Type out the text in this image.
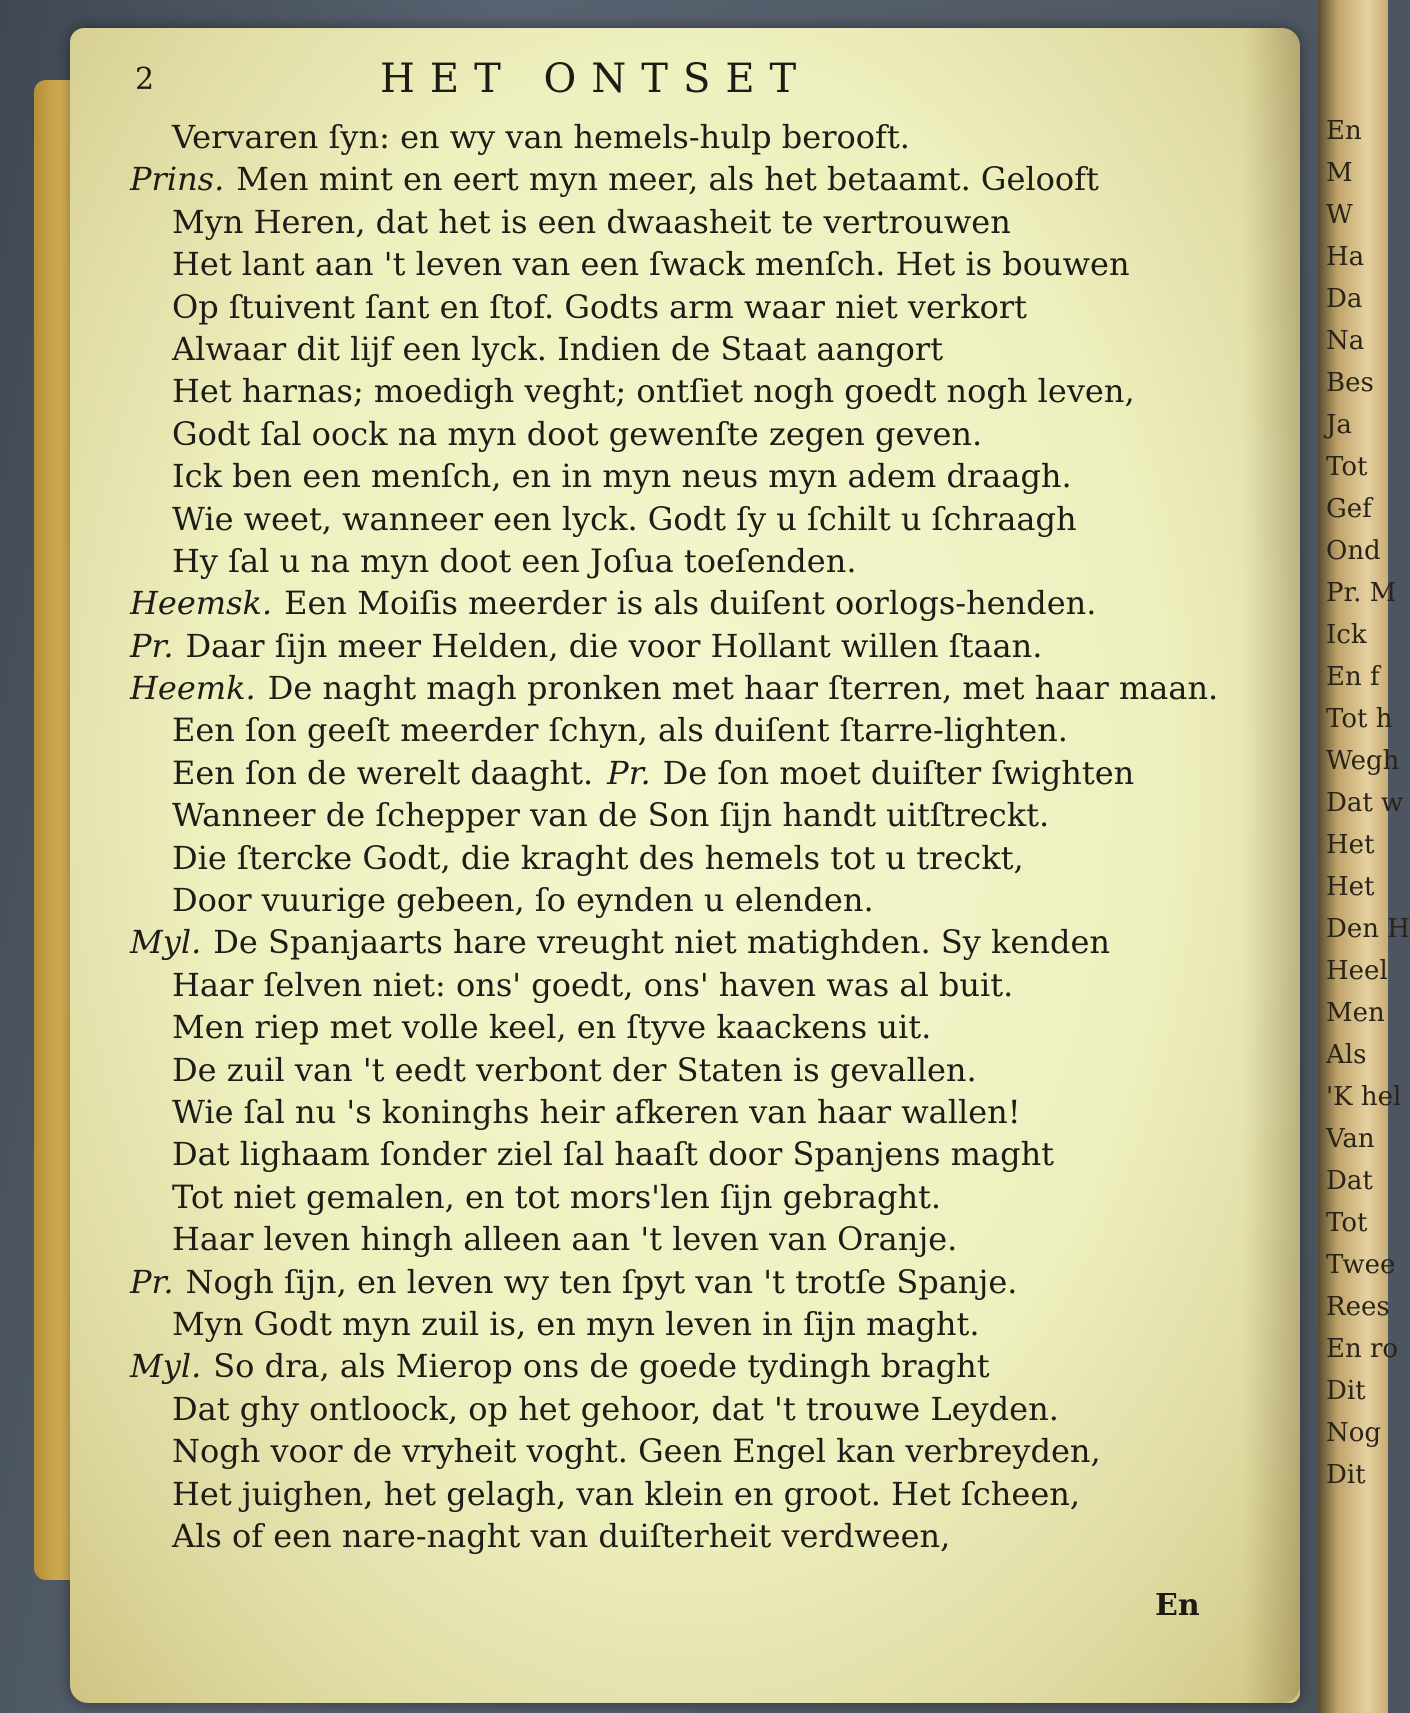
En
M
W
Ha
Da
Na
Bes
Ja
Tot
Gef
Ond
Pr. M
Ick
En f
Tot h
Wegh
Dat w
Het
Het
Den H
Heel
Men
Als
'K hel
Van
Dat
Tot
Twee
Rees
En ro
Dit
Nog
Dit
2	HET ONTSET
Vervaren ſyn: en wy van hemels-hulp berooft.
Prins. Men mint en eert myn meer, als het betaamt. Gelooft
Myn Heren, dat het is een dwaasheit te vertrouwen
Het lant aan 't leven van een ſwack menſch. Het is bouwen
Op ſtuivent ſant en ſtof. Godts arm waar niet verkort
Alwaar dit lijf een lyck. Indien de Staat aangort
Het harnas; moedigh veght; ontſiet nogh goedt nogh leven,
Godt ſal oock na myn doot gewenſte zegen geven.
Ick ben een menſch, en in myn neus myn adem draagh.
Wie weet, wanneer een lyck. Godt ſy u ſchilt u ſchraagh
Hy ſal u na myn doot een Joſua toeſenden.
Heemsk. Een Moiſis meerder is als duiſent oorlogs-henden.
Pr. Daar ſijn meer Helden, die voor Hollant willen ſtaan.
Heemk. De naght magh pronken met haar ſterren, met haar maan.
Een ſon geeſt meerder ſchyn, als duiſent ſtarre-lighten.
Een ſon de werelt daaght. Pr. De ſon moet duiſter ſwighten
Wanneer de ſchepper van de Son ſijn handt uitſtreckt.
Die ſtercke Godt, die kraght des hemels tot u treckt,
Door vuurige gebeen, ſo eynden u elenden.
Myl. De Spanjaarts hare vreught niet matighden. Sy kenden
Haar ſelven niet: ons' goedt, ons' haven was al buit.
Men riep met volle keel, en ſtyve kaackens uit.
De zuil van 't eedt verbont der Staten is gevallen.
Wie ſal nu 's koninghs heir afkeren van haar wallen!
Dat lighaam ſonder ziel ſal haaſt door Spanjens maght
Tot niet gemalen, en tot mors'len ſijn gebraght.
Haar leven hingh alleen aan 't leven van Oranje.
Pr. Nogh ſijn, en leven wy ten ſpyt van 't trotſe Spanje.
Myn Godt myn zuil is, en myn leven in ſijn maght.
Myl. So dra, als Mierop ons de goede tydingh braght
Dat ghy ontloock, op het gehoor, dat 't trouwe Leyden.
Nogh voor de vryheit voght. Geen Engel kan verbreyden,
Het juighen, het gelagh, van klein en groot. Het ſcheen,
Als of een nare-naght van duiſterheit verdween,
En
